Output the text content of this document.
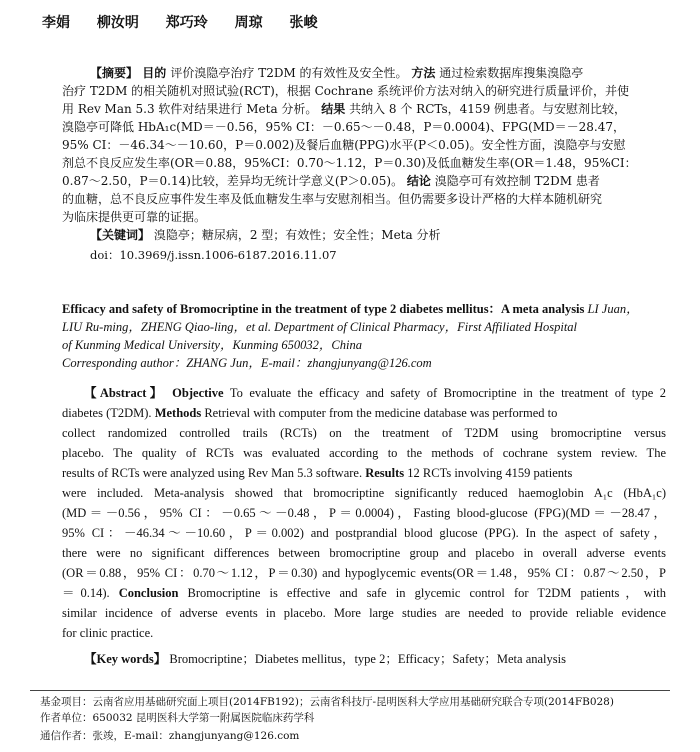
李娟 柳汝明 郑巧玲 周琼 张峻
【摘要】 目的 评价溴隐亭治疗 T2DM 的有效性及安全性。 方法 通过检索数据库搜集溴隐亭
治疗 T2DM 的相关随机对照试验(RCT)，根据 Cochrane 系统评价方法对纳入的研究进行质量评价，并使
用 Rev Man 5.3 软件对结果进行 Meta 分析。 结果 共纳入 8 个 RCTs，4159 例患者。与安慰剂比较，
溴隐亭可降低 HbA₁c(MD＝－0.56，95% CI：－0.65～－0.48，P＝0.0004)、FPG(MD＝－28.47，
95% CI：－46.34～－10.60，P＝0.002)及餐后血糖(PPG)水平(P＜0.05)。安全性方面，溴隐亭与安慰
剂总不良反应发生率(OR＝0.88，95%CI：0.70～1.12，P＝0.30)及低血糖发生率(OR＝1.48，95%CI：
0.87～2.50，P＝0.14)比较，差异均无统计学意义(P＞0.05)。 结论 溴隐亭可有效控制 T2DM 患者
的血糖，总不良反应事件发生率及低血糖发生率与安慰剂相当。但仍需要多设计严格的大样本随机研究
为临床提供更可靠的证据。
【关键词】 溴隐亭；糖尿病，2 型；有效性；安全性；Meta 分析
doi：10.3969/j.issn.1006-6187.2016.11.07
Efficacy and safety of Bromocriptine in the treatment of type 2 diabetes mellitus：A meta analysis LI Juan，
LIU Ru-ming，ZHENG Qiao-ling，et al. Department of Clinical Pharmacy，First Affiliated Hospital
of Kunming Medical University，Kunming 650032，China
Corresponding author：ZHANG Jun，E-mail：zhangjunyang@126.com
【Abstract】 Objective To evaluate the efficacy and safety of Bromocriptine in the treatment of type 2
diabetes (T2DM). Methods Retrieval with computer from the medicine database was performed to
collect randomized controlled trails (RCTs) on the treatment of T2DM using bromocriptine versus
placebo. The quality of RCTs was evaluated according to the methods of cochrane system review. The
results of RCTs were analyzed using Rev Man 5.3 software. Results 12 RCTs involving 4159 patients
were included. Meta-analysis showed that bromocriptine significantly reduced haemoglobin A₁c (HbA₁c)
(MD＝－0.56，95% CI：－0.65～－0.48，P＝0.0004)，Fasting blood-glucose (FPG)(MD＝－28.47，
95% CI：－46.34～－10.60，P＝0.002) and postprandial blood glucose (PPG). In the aspect of safety，
there were no significant differences between bromocriptine group and placebo in overall adverse events
(OR＝0.88，95% CI：0.70～1.12，P＝0.30) and hypoglycemic events(OR＝1.48，95% CI：0.87～2.50，P
＝0.14). Conclusion Bromocriptine is effective and safe in glycemic control for T2DM patients，with
similar incidence of adverse events in placebo. More large studies are needed to provide reliable evidence
for clinic practice.
【Key words】 Bromocriptine；Diabetes mellitus，type 2；Efficacy；Safety；Meta analysis
基金项目：云南省应用基础研究面上项目(2014FB192)；云南省科技厅-昆明医科大学应用基础研究联合专项(2014FB028)
作者单位：650032 昆明医科大学第一附属医院临床药学科
通信作者：张竣，E-mail：zhangjunyang@126.com
